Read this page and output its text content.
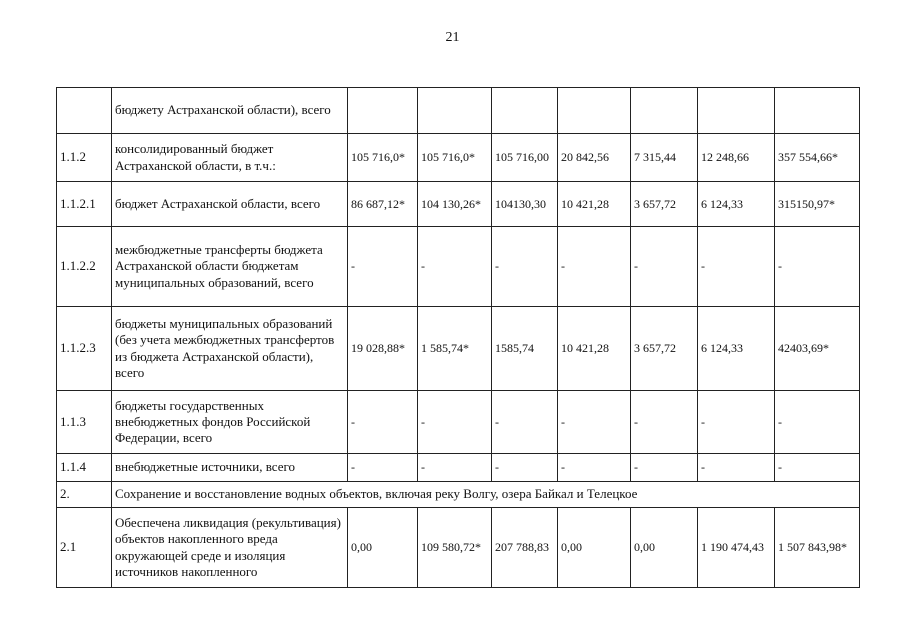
21
	бюджету Астраханской области), всего							
1.1.2	консолидированный бюджет Астраханской области, в т.ч.:	105 716,0*	105 716,0*	105 716,00	20 842,56	7 315,44	12 248,66	357 554,66*
1.1.2.1	бюджет Астраханской области, всего	86 687,12*	104 130,26*	104130,30	10 421,28	3 657,72	6 124,33	315150,97*
1.1.2.2	межбюджетные трансферты бюджета Астраханской области бюджетам муниципальных образований, всего	-	-	-	-	-	-	-
1.1.2.3	бюджеты муниципальных образований (без учета межбюджетных трансфертов из бюджета Астраханской области), всего	19 028,88*	1 585,74*	1585,74	10 421,28	3 657,72	6 124,33	42403,69*
1.1.3	бюджеты государственных внебюджетных фондов Российской Федерации, всего	-	-	-	-	-	-	-
1.1.4	внебюджетные источники, всего	-	-	-	-	-	-	-
2.	Сохранение и восстановление водных объектов, включая реку Волгу, озера Байкал и Телецкое							
2.1	Обеспечена ликвидация (рекультивация) объектов накопленного вреда окружающей среде и изоляция источников накопленного	0,00	109 580,72*	207 788,83	0,00	0,00	1 190 474,43	1 507 843,98*
